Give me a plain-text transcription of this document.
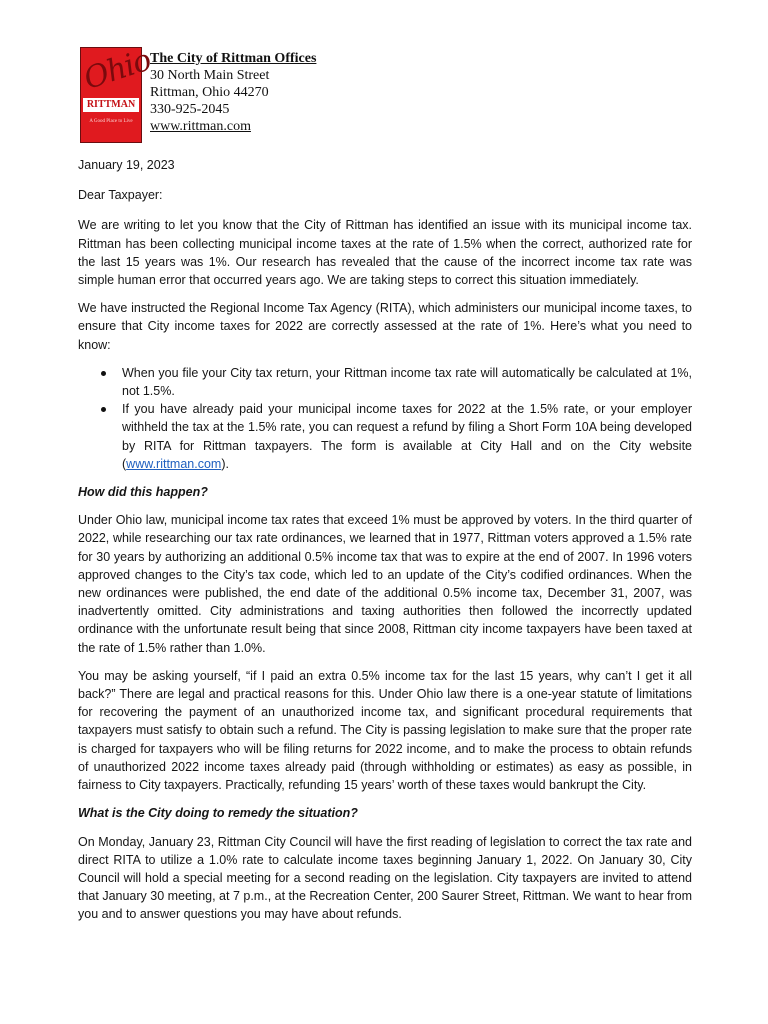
Ohio
RITTMAN
A Good Place to Live
The City of Rittman Offices
30 North Main Street
Rittman, Ohio 44270
330-925-2045
www.rittman.com

January 19, 2023

Dear Taxpayer:

We are writing to let you know that the City of Rittman has identified an issue with its municipal income tax. Rittman has been collecting municipal income taxes at the rate of 1.5% when the correct, authorized rate for the last 15 years was 1%. Our research has revealed that the cause of the incorrect income tax rate was simple human error that occurred years ago. We are taking steps to correct this situation immediately.

We have instructed the Regional Income Tax Agency (RITA), which administers our municipal income taxes, to ensure that City income taxes for 2022 are correctly assessed at the rate of 1%. Here’s what you need to know:

When you file your City tax return, your Rittman income tax rate will automatically be calculated at 1%, not 1.5%.
If you have already paid your municipal income taxes for 2022 at the 1.5% rate, or your employer withheld the tax at the 1.5% rate, you can request a refund by filing a Short Form 10A being developed by RITA for Rittman taxpayers. The form is available at City Hall and on the City website (www.rittman.com).
How did this happen?

Under Ohio law, municipal income tax rates that exceed 1% must be approved by voters. In the third quarter of 2022, while researching our tax rate ordinances, we learned that in 1977, Rittman voters approved a 1.5% rate for 30 years by authorizing an additional 0.5% income tax that was to expire at the end of 2007. In 1996 voters approved changes to the City’s tax code, which led to an update of the City’s codified ordinances. When the new ordinances were published, the end date of the additional 0.5% income tax, December 31, 2007, was inadvertently omitted. City administrations and taxing authorities then followed the incorrectly updated ordinance with the unfortunate result being that since 2008, Rittman city income taxpayers have been taxed at the rate of 1.5% rather than 1.0%.

You may be asking yourself, “if I paid an extra 0.5% income tax for the last 15 years, why can’t I get it all back?” There are legal and practical reasons for this. Under Ohio law there is a one-year statute of limitations for recovering the payment of an unauthorized income tax, and significant procedural requirements that taxpayers must satisfy to obtain such a refund. The City is passing legislation to make sure that the proper rate is charged for taxpayers who will be filing returns for 2022 income, and to make the process to obtain refunds of unauthorized 2022 income taxes already paid (through withholding or estimates) as easy as possible, in fairness to City taxpayers. Practically, refunding 15 years’ worth of these taxes would bankrupt the City.

What is the City doing to remedy the situation?

On Monday, January 23, Rittman City Council will have the first reading of legislation to correct the tax rate and direct RITA to utilize a 1.0% rate to calculate income taxes beginning January 1, 2022. On January 30, City Council will hold a special meeting for a second reading on the legislation. City taxpayers are invited to attend that January 30 meeting, at 7 p.m., at the Recreation Center, 200 Saurer Street, Rittman. We want to hear from you and to answer questions you may have about refunds.
